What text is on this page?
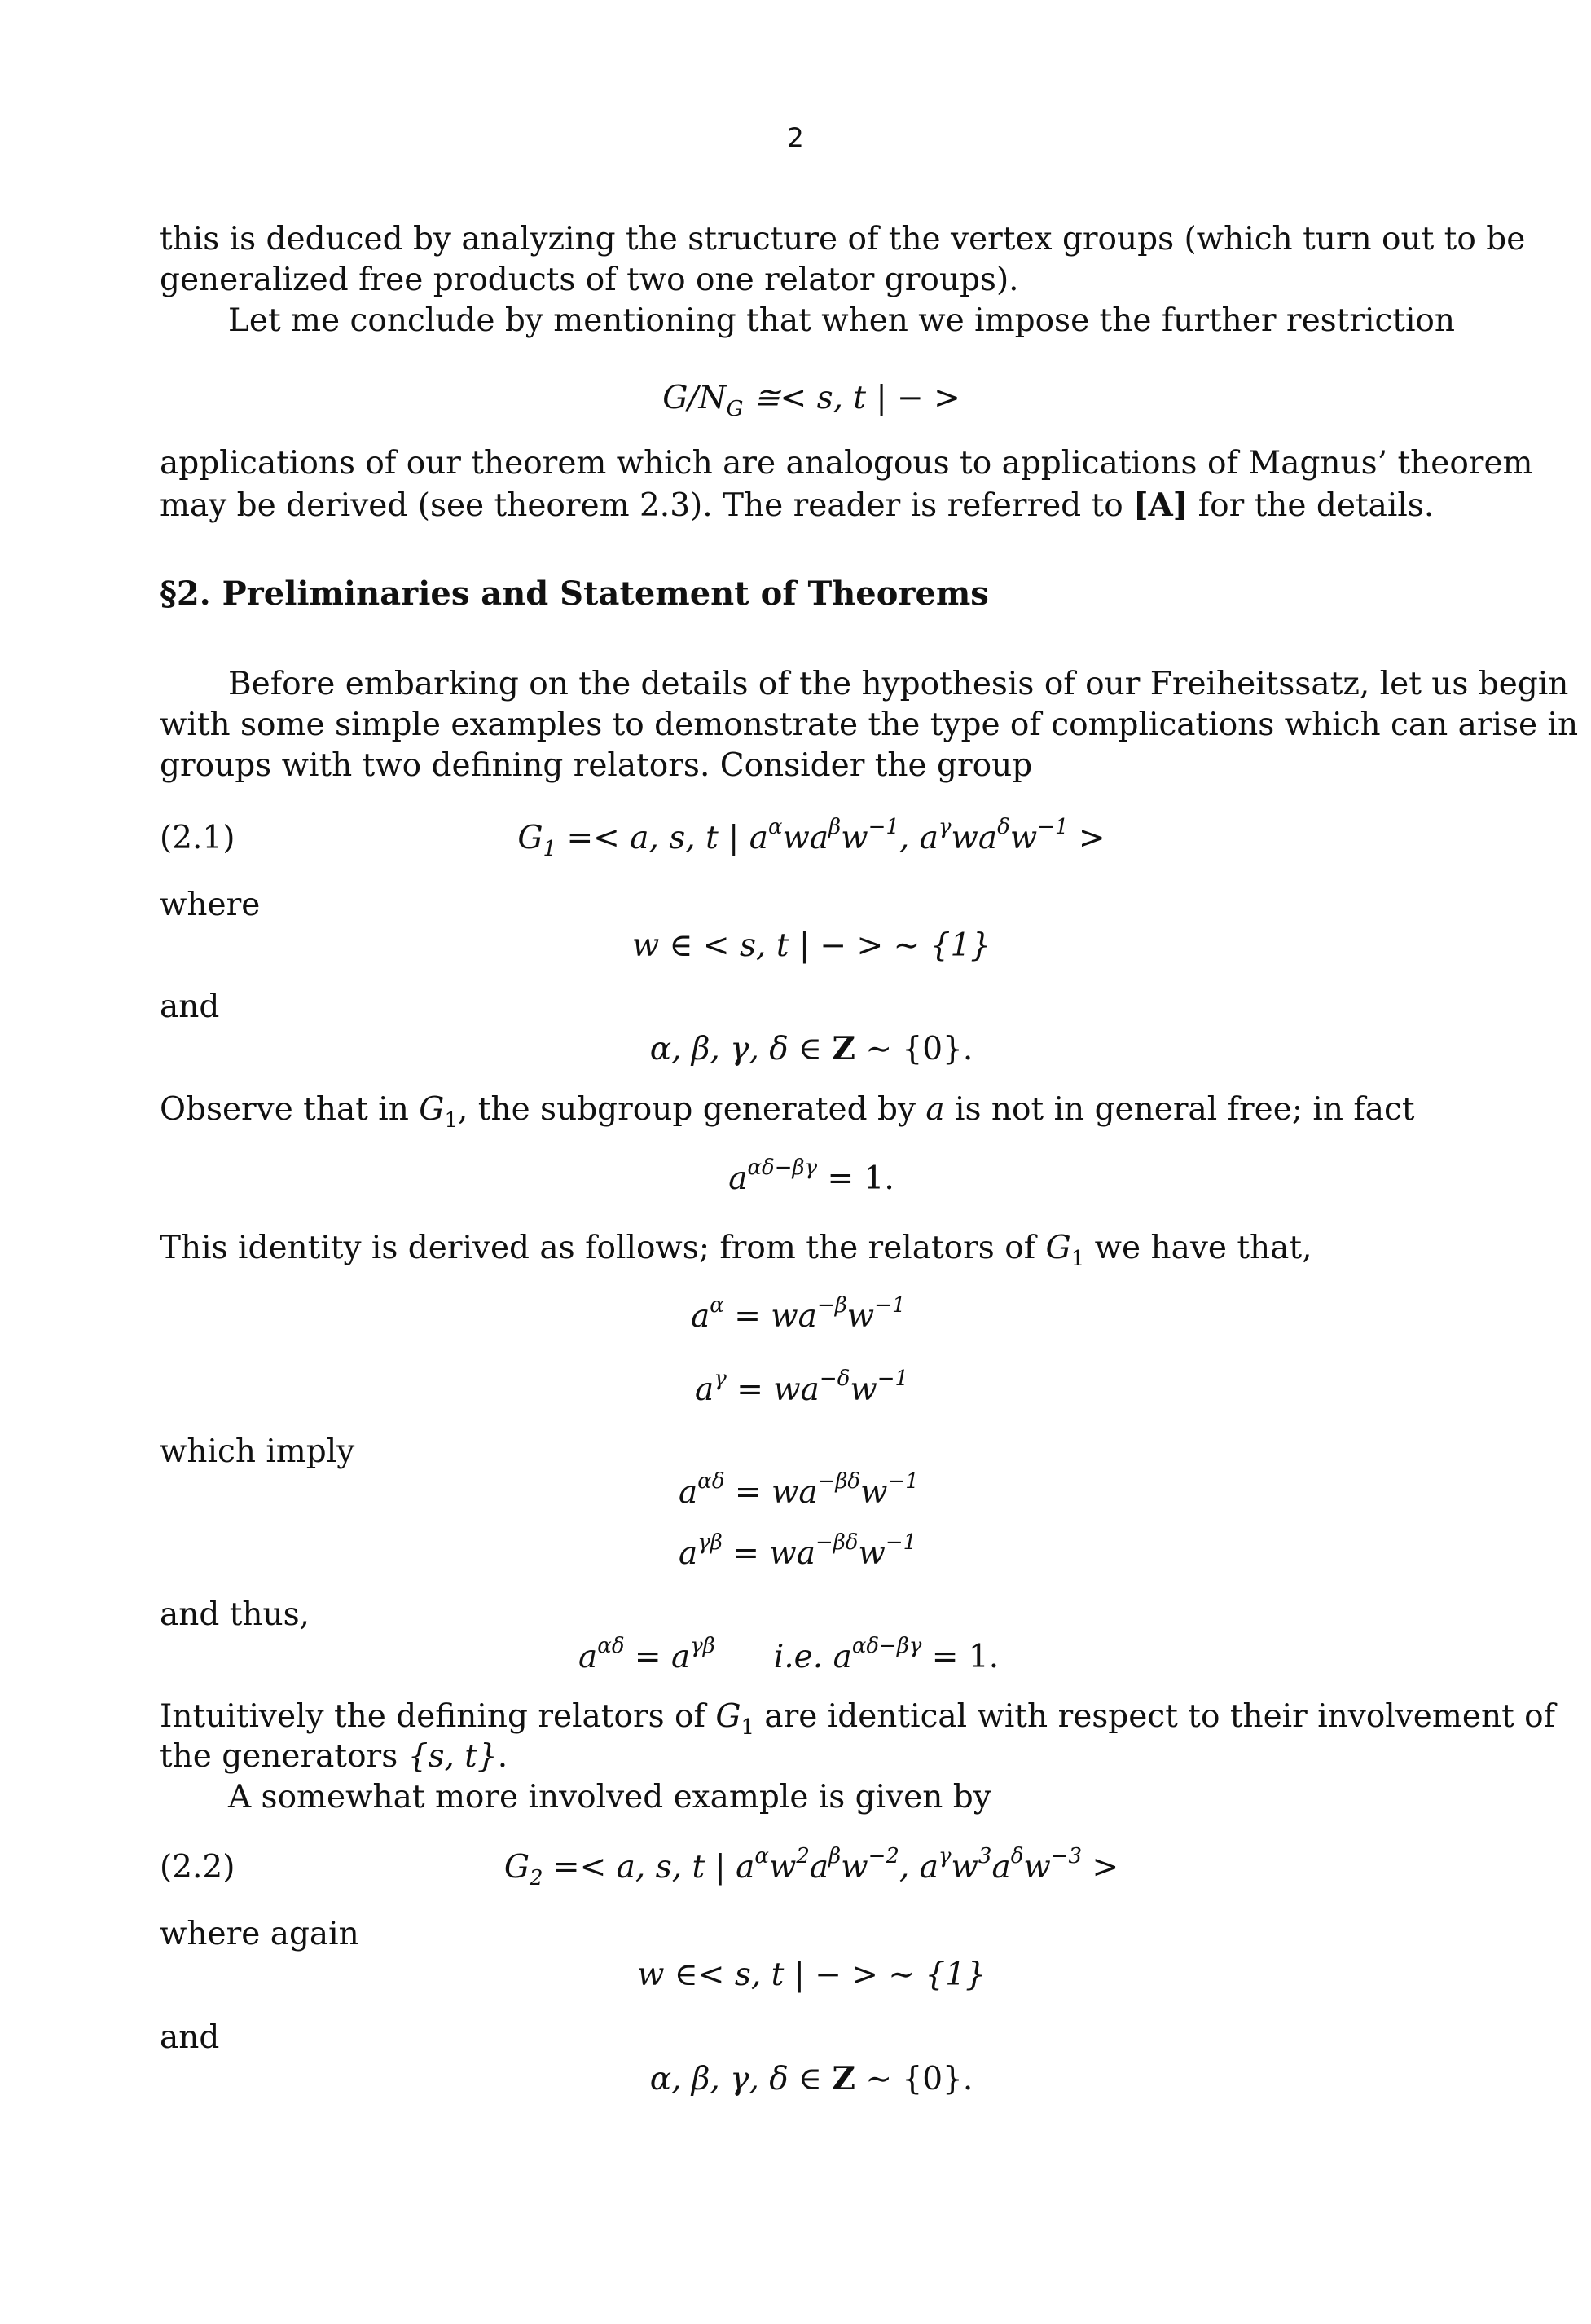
2
this is deduced by analyzing the structure of the vertex groups (which turn out to be
generalized free products of two one relator groups).
Let me conclude by mentioning that when we impose the further restriction
$G/N_G$ ≅< s, t | − >
applications of our theorem which are analogous to applications of Magnus’ theorem
may be derived (see theorem 2.3). The reader is referred to [A] for the details.
§2. Preliminaries and Statement of Theorems
Before embarking on the details of the hypothesis of our Freiheitssatz, let us begin
with some simple examples to demonstrate the type of complications which can arise in
groups with two defining relators. Consider the group
(2.1)	$G_1 =< a$, s, t | $a^\alpha wa^\beta w^{-1}$, $a^\gamma wa^\delta w^{-1}$ >
where
w ∈ < s, t | − > ∼ {1}
and
α, β, γ, δ ∈ Z ∼ {0}.
Observe that in $G_1$, the subgroup generated by a is not in general free; in fact
$a^{\alpha\delta-\beta\gamma} = 1$.
This identity is derived as follows; from the relators of $G_1$ we have that,
$a^\alpha = wa^{-\beta}w^{-1}$
$a^\gamma = wa^{-\delta}w^{-1}$
which imply
$a^{\alpha\delta} = wa^{-\beta\delta}w^{-1}$
$a^{\gamma\beta} = wa^{-\beta\delta}w^{-1}$
and thus,
$a^{\alpha\delta} = a^{\gamma\beta}$ i.e. $a^{\alpha\delta-\beta\gamma} = 1$.
Intuitively the defining relators of $G_1$ are identical with respect to their involvement of
the generators {s, t}.
A somewhat more involved example is given by
(2.2)	$G_2 =< a$, s, t | $a^\alpha w^2a^\beta w^{-2}$, $a^\gamma w^3a^\delta w^{-3}$ >
where again
w ∈< s, t | − > ∼ {1}
and
α, β, γ, δ ∈ Z ∼ {0}.
